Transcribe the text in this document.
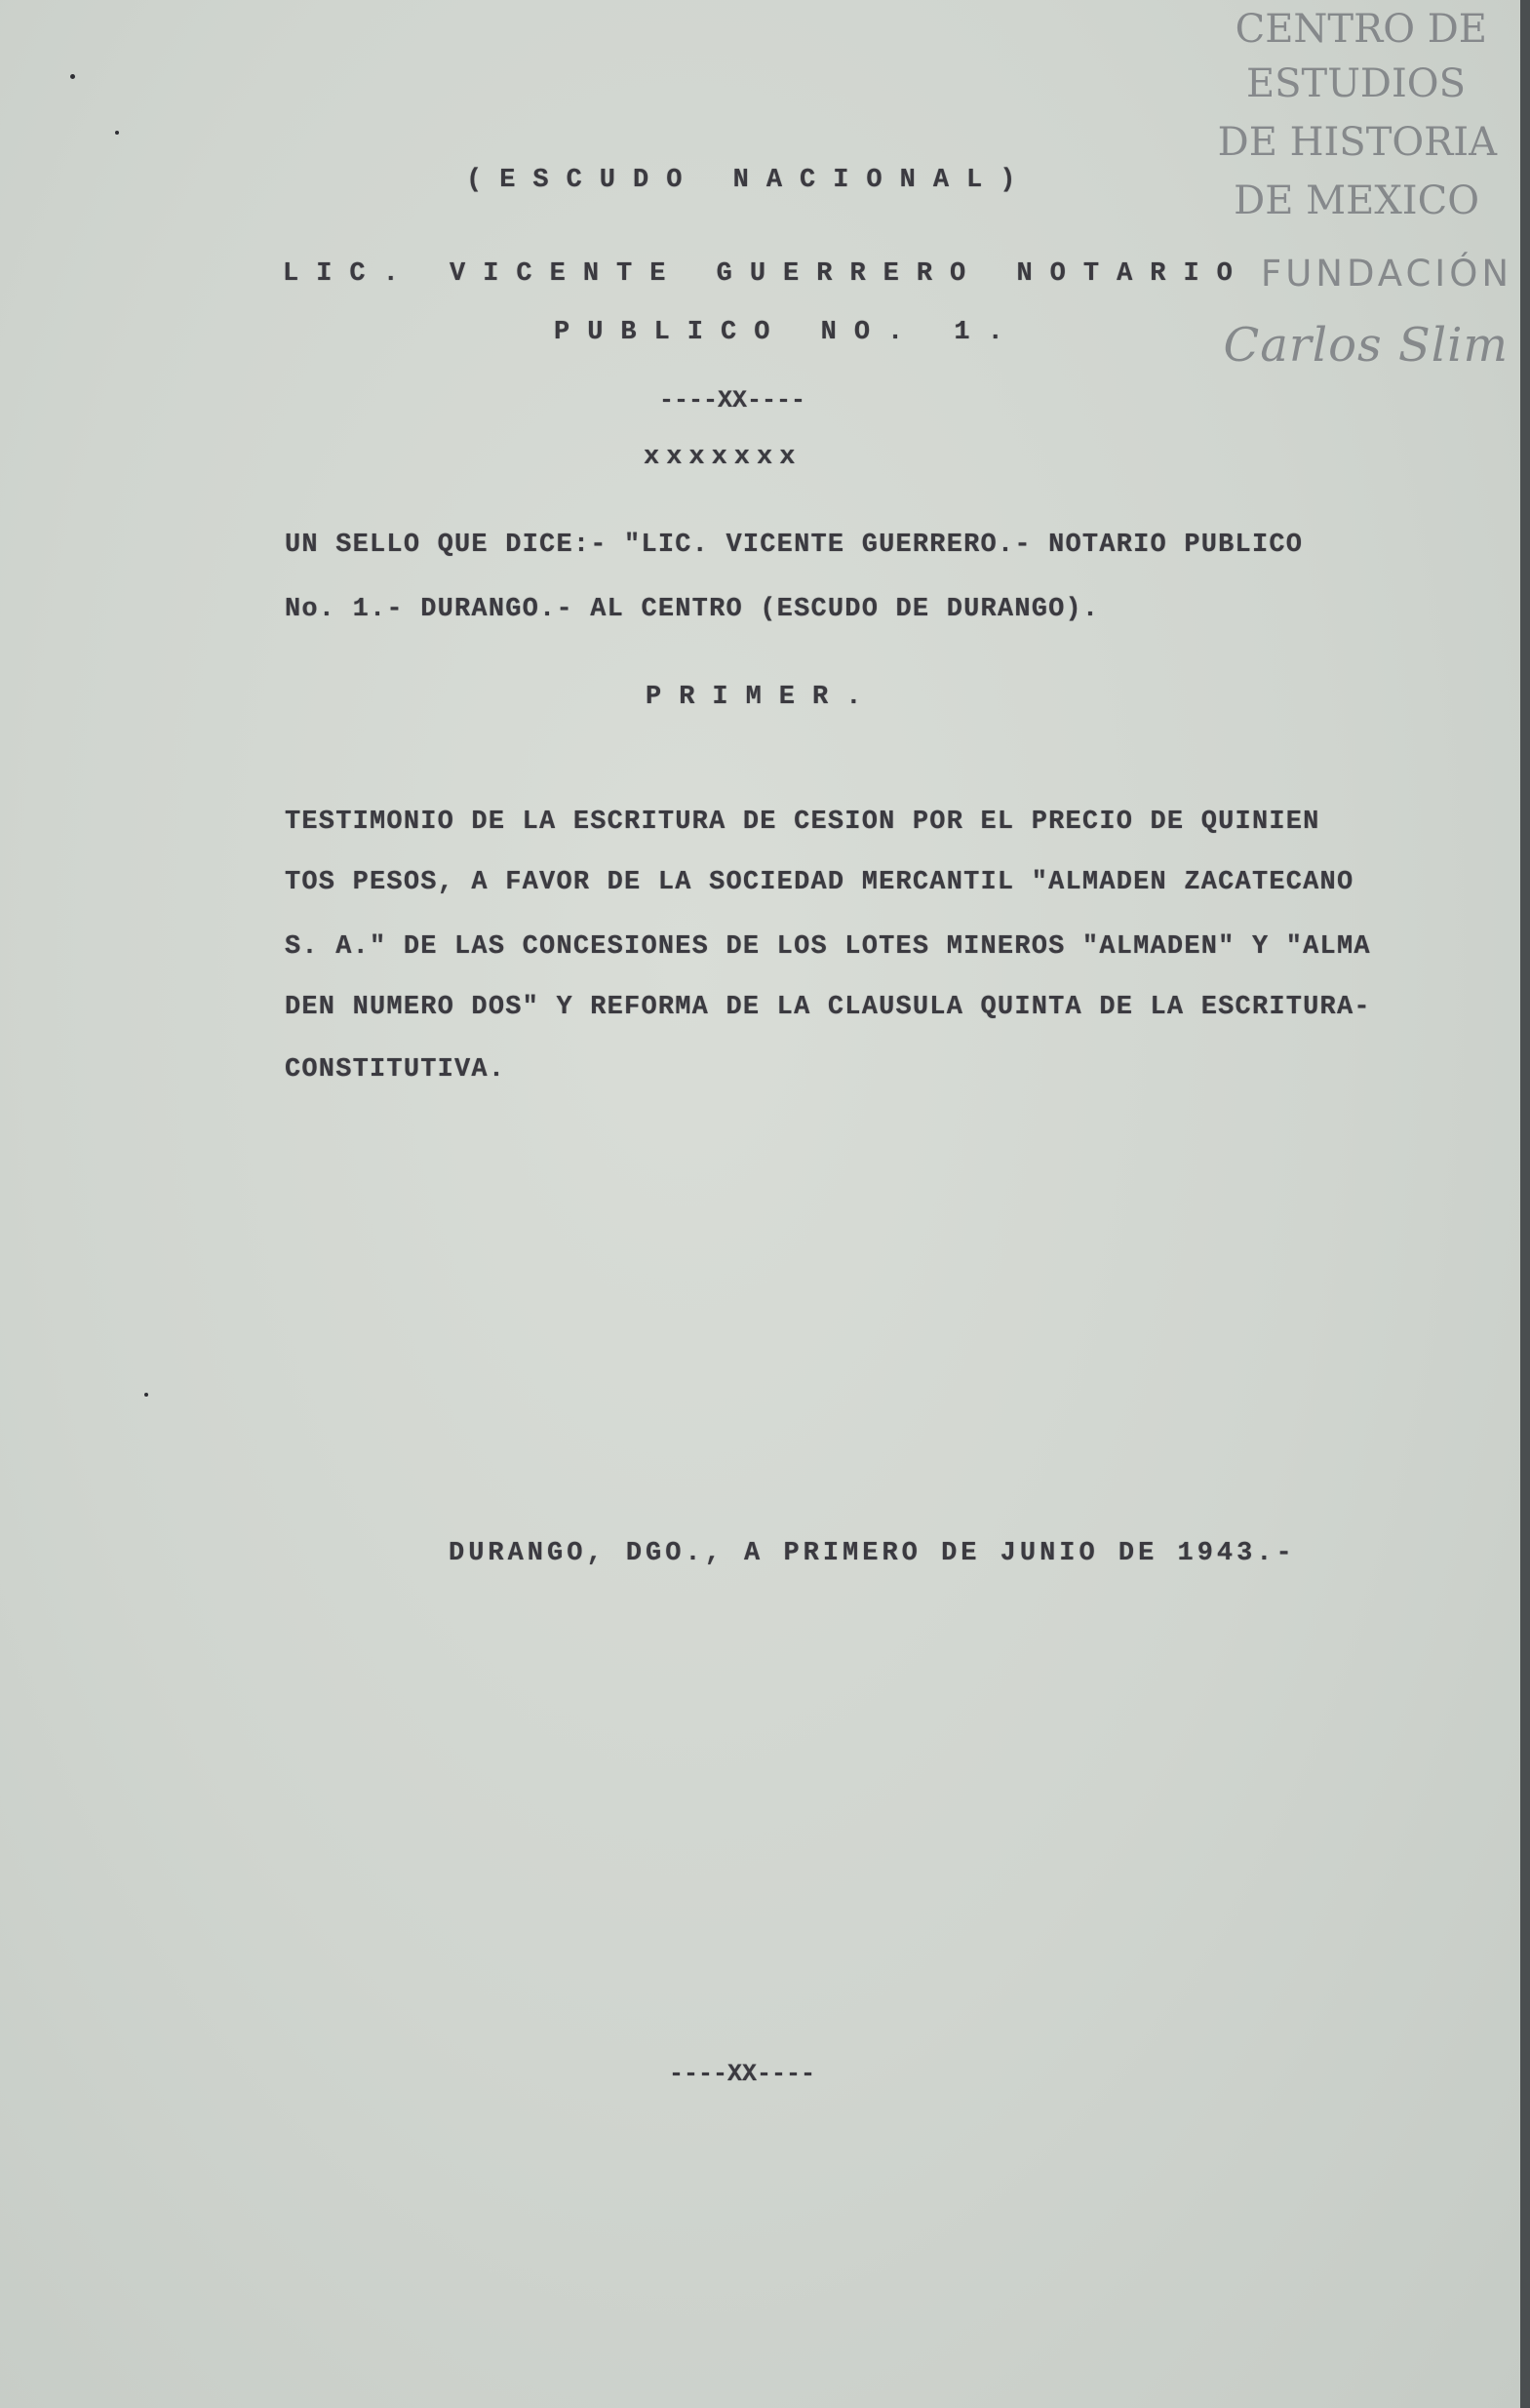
CENTRO DE
ESTUDIOS
DE HISTORIA
DE MEXICO
FUNDACIÓN
Carlos Slim
(ESCUDO NACIONAL)
LIC. VICENTE GUERRERO NOTARIO
PUBLICO NO. 1.
----XX----
xxxxxxx
UN SELLO QUE DICE:- "LIC. VICENTE GUERRERO.- NOTARIO PUBLICO
No. 1.- DURANGO.- AL CENTRO (ESCUDO DE DURANGO).
PRIMER.
TESTIMONIO DE LA ESCRITURA DE CESION POR EL PRECIO DE QUINIEN
TOS PESOS, A FAVOR DE LA SOCIEDAD MERCANTIL "ALMADEN ZACATECANO
S. A." DE LAS CONCESIONES DE LOS LOTES MINEROS "ALMADEN" Y "ALMA
DEN NUMERO DOS" Y REFORMA DE LA CLAUSULA QUINTA DE LA ESCRITURA-
CONSTITUTIVA.
DURANGO, DGO., A PRIMERO DE JUNIO DE 1943.-
----XX----
